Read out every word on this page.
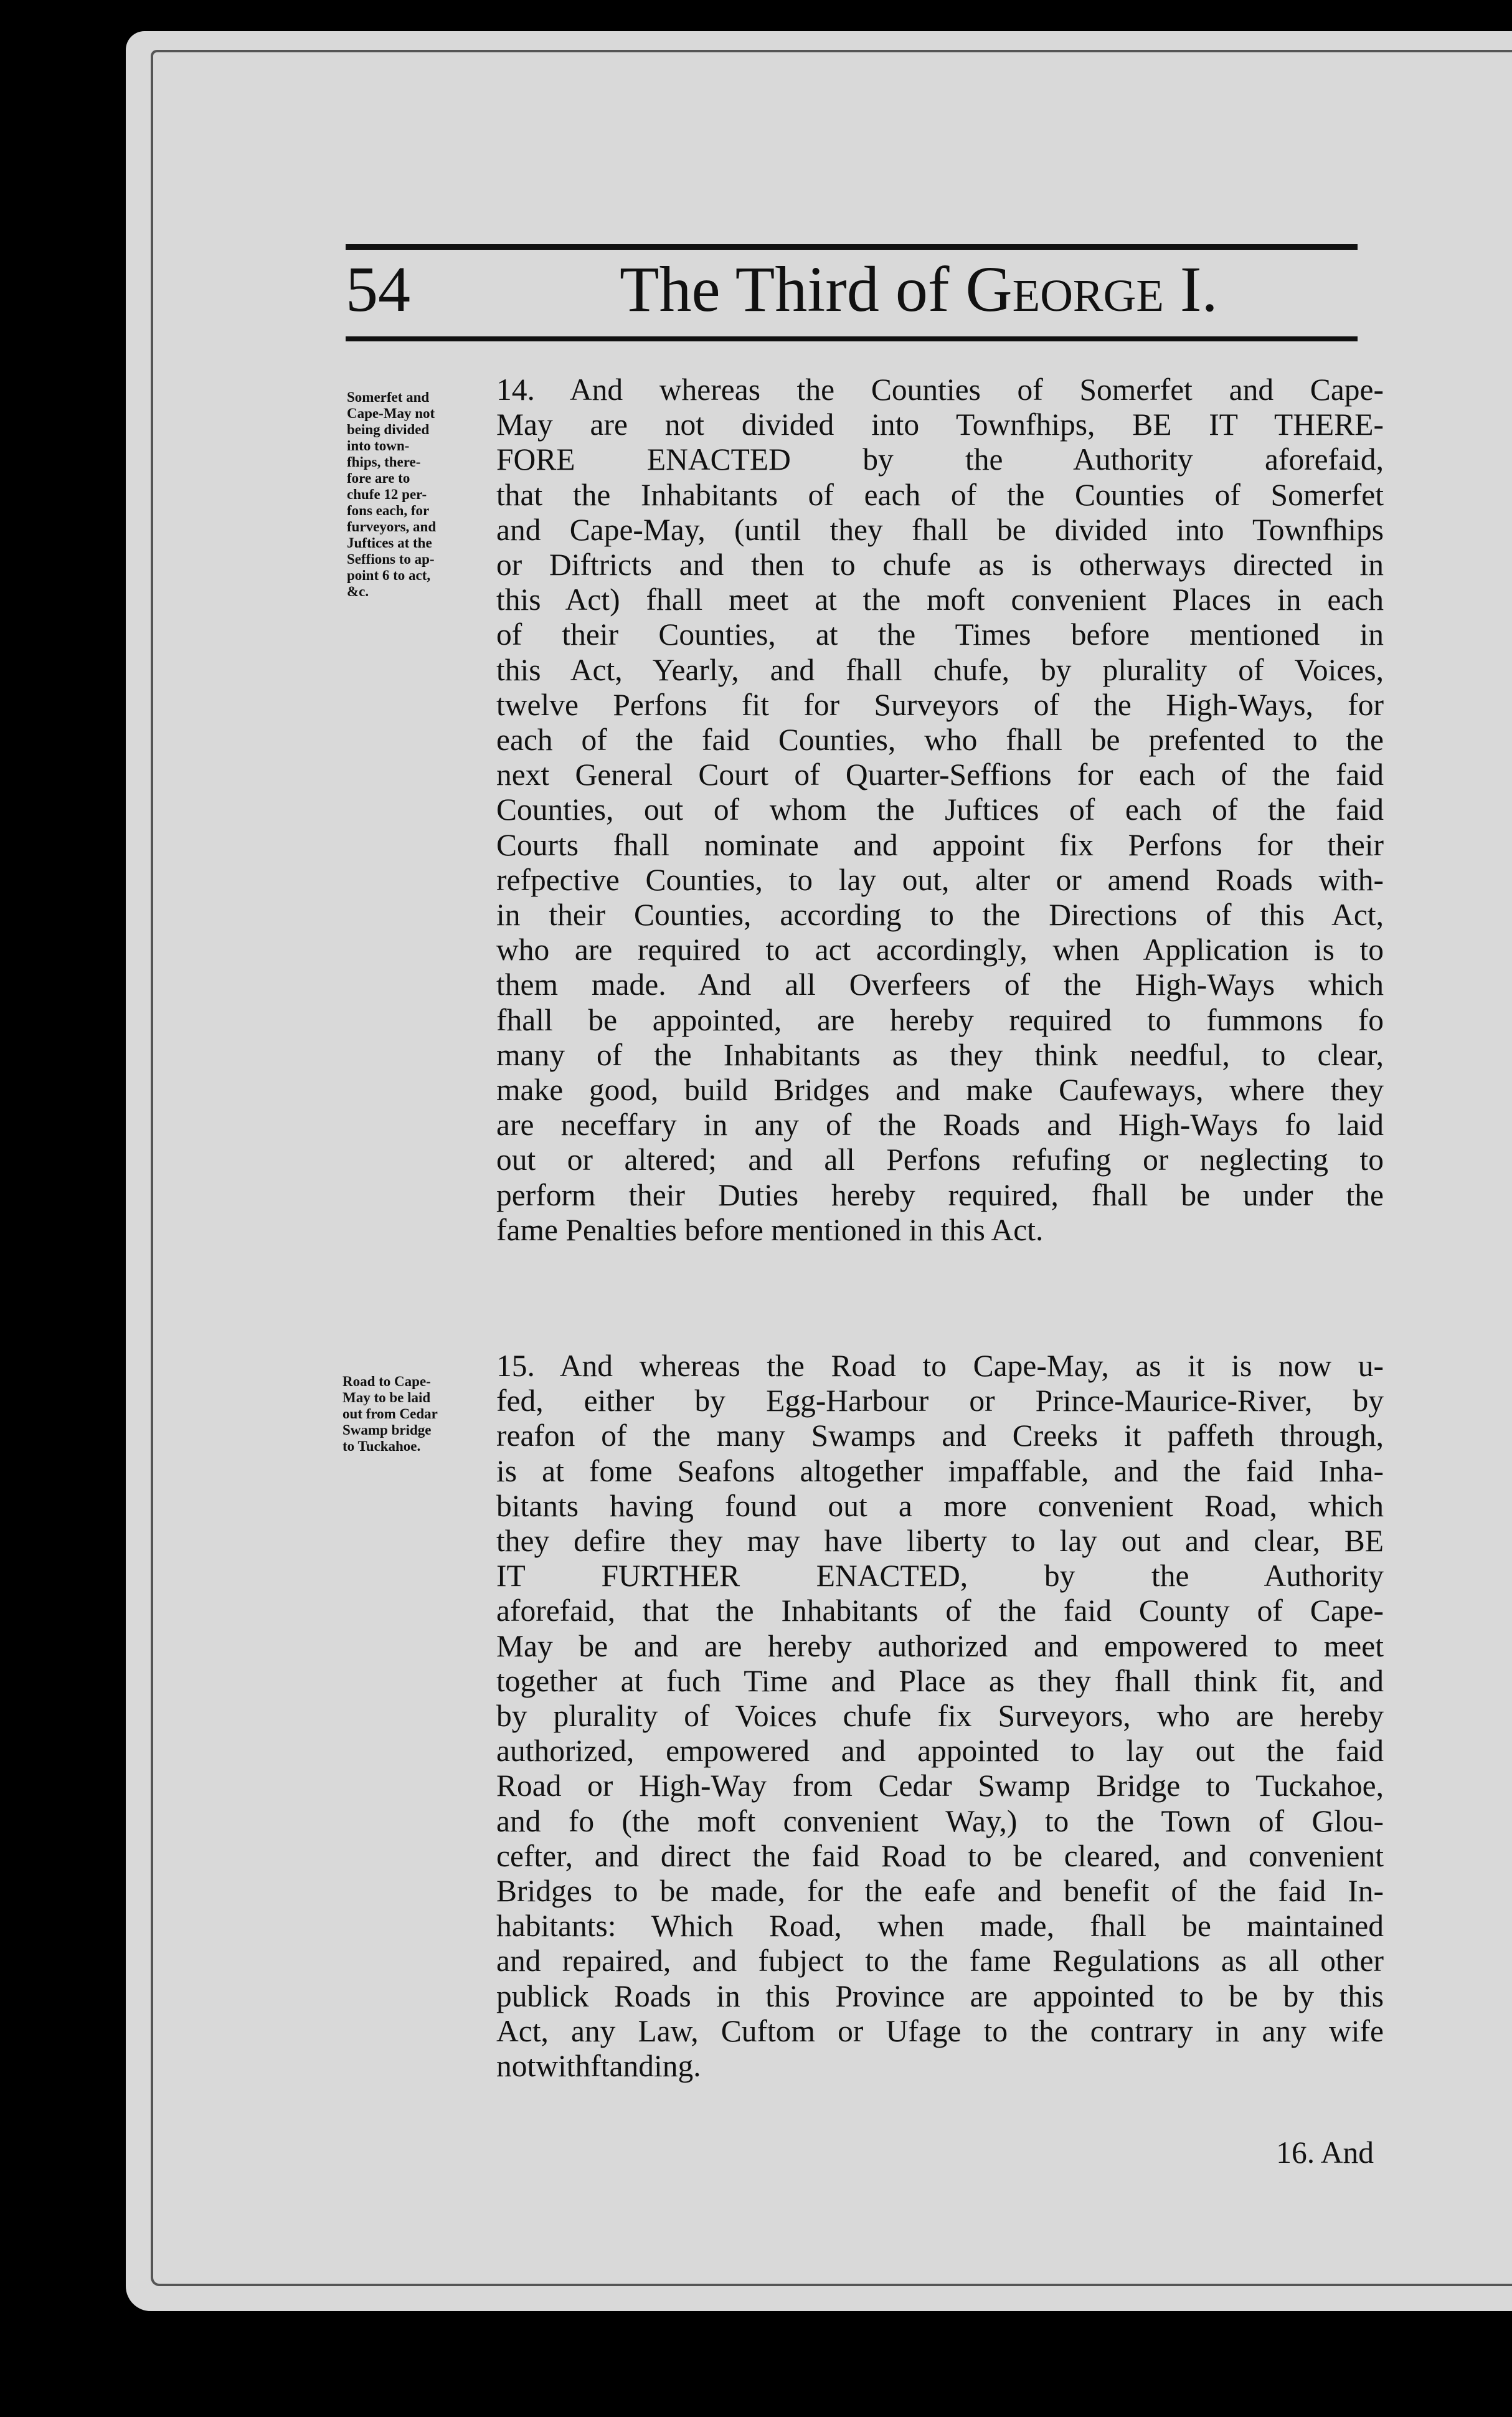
54	The Third of George I.
Somerfet and
Cape-May not
being divided
into town-
fhips, there-
fore are to
chufe 12 per-
fons each, for
furveyors, and
Juftices at the
Seffions to ap-
point 6 to act,
&c.
Road to Cape-
May to be laid
out from Cedar
Swamp bridge
to Tuckahoe.
14. And whereas the Counties of Somerfet and Cape-
May are not divided into Townfhips, BE IT THERE-
FORE ENACTED by the Authority aforefaid,
that the Inhabitants of each of the Counties of Somerfet
and Cape-May, (until they fhall be divided into Townfhips
or Diftricts and then to chufe as is otherways directed in
this Act) fhall meet at the moft convenient Places in each
of their Counties, at the Times before mentioned in
this Act, Yearly, and fhall chufe, by plurality of Voices,
twelve Perfons fit for Surveyors of the High-Ways, for
each of the faid Counties, who fhall be prefented to the
next General Court of Quarter-Seffions for each of the faid
Counties, out of whom the Juftices of each of the faid
Courts fhall nominate and appoint fix Perfons for their
refpective Counties, to lay out, alter or amend Roads with-
in their Counties, according to the Directions of this Act,
who are required to act accordingly, when Application is to
them made. And all Overfeers of the High-Ways which
fhall be appointed, are hereby required to fummons fo
many of the Inhabitants as they think needful, to clear,
make good, build Bridges and make Caufeways, where they
are neceffary in any of the Roads and High-Ways fo laid
out or altered; and all Perfons refufing or neglecting to
perform their Duties hereby required, fhall be under the
fame Penalties before mentioned in this Act.
15. And whereas the Road to Cape-May, as it is now u-
fed, either by Egg-Harbour or Prince-Maurice-River, by
reafon of the many Swamps and Creeks it paffeth through,
is at fome Seafons altogether impaffable, and the faid Inha-
bitants having found out a more convenient Road, which
they defire they may have liberty to lay out and clear, BE
IT FURTHER ENACTED, by the Authority
aforefaid, that the Inhabitants of the faid County of Cape-
May be and are hereby authorized and empowered to meet
together at fuch Time and Place as they fhall think fit, and
by plurality of Voices chufe fix Surveyors, who are hereby
authorized, empowered and appointed to lay out the faid
Road or High-Way from Cedar Swamp Bridge to Tuckahoe,
and fo (the moft convenient Way,) to the Town of Glou-
cefter, and direct the faid Road to be cleared, and convenient
Bridges to be made, for the eafe and benefit of the faid In-
habitants: Which Road, when made, fhall be maintained
and repaired, and fubject to the fame Regulations as all other
publick Roads in this Province are appointed to be by this
Act, any Law, Cuftom or Ufage to the contrary in any wife
notwithftanding.
16. And
